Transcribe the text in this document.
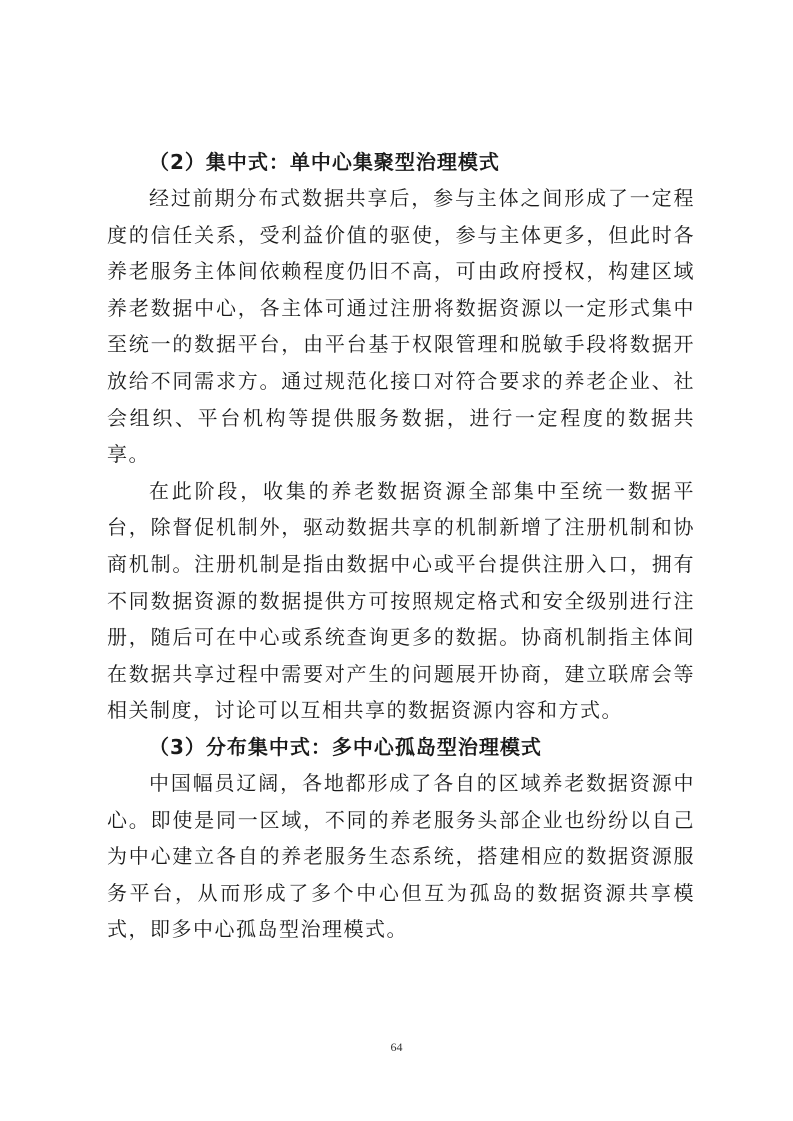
（2）集中式：单中心集聚型治理模式

经过前期分布式数据共享后，参与主体之间形成了一定程度的信任关系，受利益价值的驱使，参与主体更多，但此时各养老服务主体间依赖程度仍旧不高，可由政府授权，构建区域养老数据中心，各主体可通过注册将数据资源以一定形式集中至统一的数据平台，由平台基于权限管理和脱敏手段将数据开放给不同需求方。通过规范化接口对符合要求的养老企业、社会组织、平台机构等提供服务数据，进行一定程度的数据共享。

在此阶段，收集的养老数据资源全部集中至统一数据平台，除督促机制外，驱动数据共享的机制新增了注册机制和协商机制。注册机制是指由数据中心或平台提供注册入口，拥有不同数据资源的数据提供方可按照规定格式和安全级别进行注册，随后可在中心或系统查询更多的数据。协商机制指主体间在数据共享过程中需要对产生的问题展开协商，建立联席会等相关制度，讨论可以互相共享的数据资源内容和方式。

（3）分布集中式：多中心孤岛型治理模式

中国幅员辽阔，各地都形成了各自的区域养老数据资源中心。即使是同一区域，不同的养老服务头部企业也纷纷以自己为中心建立各自的养老服务生态系统，搭建相应的数据资源服务平台，从而形成了多个中心但互为孤岛的数据资源共享模式，即多中心孤岛型治理模式。

64
